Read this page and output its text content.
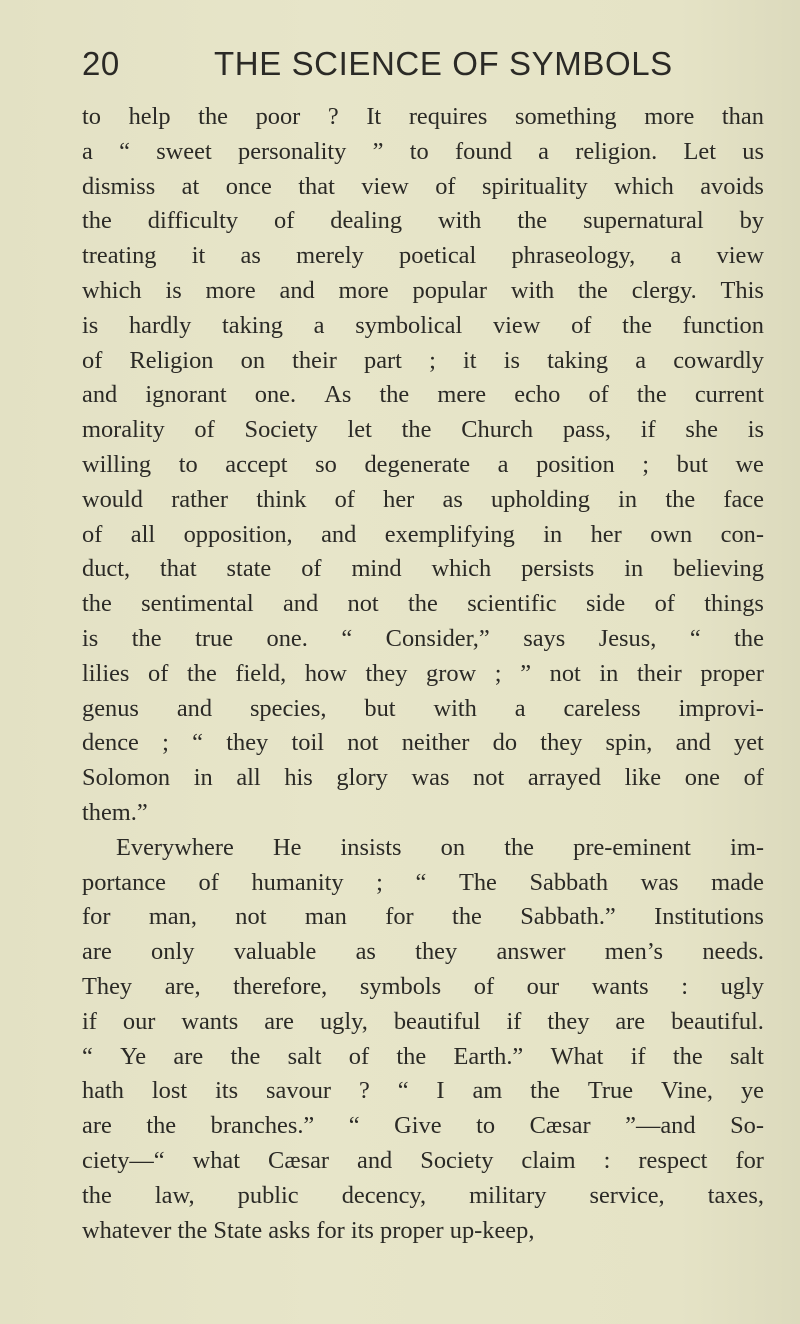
20	THE SCIENCE OF SYMBOLS
to help the poor ? It requires something more than
a “ sweet personality ” to found a religion. Let us
dismiss at once that view of spirituality which avoids
the difficulty of dealing with the supernatural by
treating it as merely poetical phraseology, a view
which is more and more popular with the clergy. This
is hardly taking a symbolical view of the function
of Religion on their part ; it is taking a cowardly
and ignorant one. As the mere echo of the current
morality of Society let the Church pass, if she is
willing to accept so degenerate a position ; but we
would rather think of her as upholding in the face
of all opposition, and exemplifying in her own con-
duct, that state of mind which persists in believing
the sentimental and not the scientific side of things
is the true one. “ Consider,” says Jesus, “ the
lilies of the field, how they grow ; ” not in their proper
genus and species, but with a careless improvi-
dence ; “ they toil not neither do they spin, and yet
Solomon in all his glory was not arrayed like one of
them.”
Everywhere He insists on the pre-eminent im-
portance of humanity ; “ The Sabbath was made
for man, not man for the Sabbath.” Institutions
are only valuable as they answer men’s needs.
They are, therefore, symbols of our wants : ugly
if our wants are ugly, beautiful if they are beautiful.
“ Ye are the salt of the Earth.” What if the salt
hath lost its savour ? “ I am the True Vine, ye
are the branches.” “ Give to Cæsar ”—and So-
ciety—“ what Cæsar and Society claim : respect for
the law, public decency, military service, taxes,
whatever the State asks for its proper up-keep,
